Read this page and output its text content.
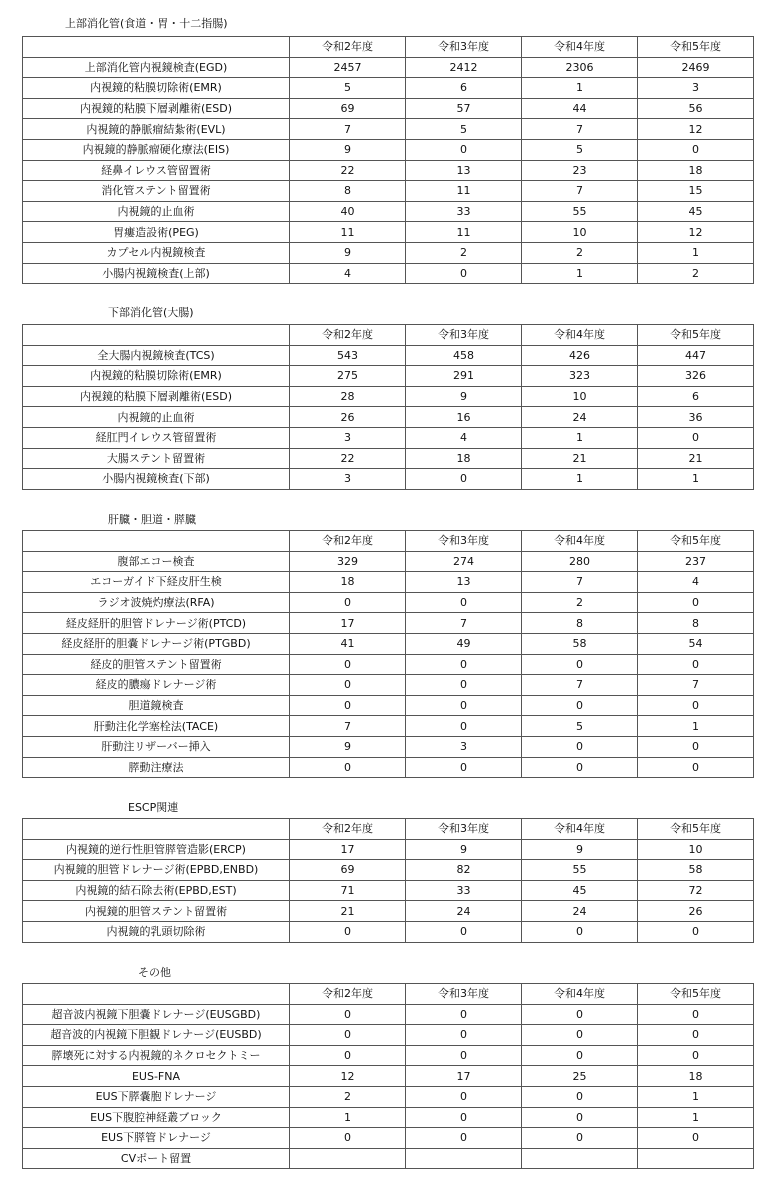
上部消化管(食道・胃・十二指腸)
	令和2年度	令和3年度	令和4年度	令和5年度
上部消化管内視鏡検査(EGD)	2457	2412	2306	2469
内視鏡的粘膜切除術(EMR)	5	6	1	3
内視鏡的粘膜下層剥離術(ESD)	69	57	44	56
内視鏡的静脈瘤結紮術(EVL)	7	5	7	12
内視鏡的静脈瘤硬化療法(EIS)	9	0	5	0
経鼻イレウス管留置術	22	13	23	18
消化管ステント留置術	8	11	7	15
内視鏡的止血術	40	33	55	45
胃瘻造設術(PEG)	11	11	10	12
カプセル内視鏡検査	9	2	2	1
小腸内視鏡検査(上部)	4	0	1	2
下部消化管(大腸)
	令和2年度	令和3年度	令和4年度	令和5年度
全大腸内視鏡検査(TCS)	543	458	426	447
内視鏡的粘膜切除術(EMR)	275	291	323	326
内視鏡的粘膜下層剥離術(ESD)	28	9	10	6
内視鏡的止血術	26	16	24	36
経肛門イレウス管留置術	3	4	1	0
大腸ステント留置術	22	18	21	21
小腸内視鏡検査(下部)	3	0	1	1
肝臓・胆道・膵臓
	令和2年度	令和3年度	令和4年度	令和5年度
腹部エコー検査	329	274	280	237
エコーガイド下経皮肝生検	18	13	7	4
ラジオ波焼灼療法(RFA)	0	0	2	0
経皮経肝的胆管ドレナージ術(PTCD)	17	7	8	8
経皮経肝的胆嚢ドレナージ術(PTGBD)	41	49	58	54
経皮的胆管ステント留置術	0	0	0	0
経皮的膿瘍ドレナージ術	0	0	7	7
胆道鏡検査	0	0	0	0
肝動注化学塞栓法(TACE)	7	0	5	1
肝動注リザーバー挿入	9	3	0	0
膵動注療法	0	0	0	0
ESCP関連
	令和2年度	令和3年度	令和4年度	令和5年度
内視鏡的逆行性胆管膵管造影(ERCP)	17	9	9	10
内視鏡的胆管ドレナージ術(EPBD,ENBD)	69	82	55	58
内視鏡的結石除去術(EPBD,EST)	71	33	45	72
内視鏡的胆管ステント留置術	21	24	24	26
内視鏡的乳頭切除術	0	0	0	0
その他
	令和2年度	令和3年度	令和4年度	令和5年度
超音波内視鏡下胆嚢ドレナージ(EUSGBD)	0	0	0	0
超音波的内視鏡下胆観ドレナージ(EUSBD)	0	0	0	0
膵壊死に対する内視鏡的ネクロセクトミー	0	0	0	0
EUS-FNA	12	17	25	18
EUS下膵嚢胞ドレナージ	2	0	0	1
EUS下腹腔神経叢ブロック	1	0	0	1
EUS下膵管ドレナージ	0	0	0	0
CVポート留置				
